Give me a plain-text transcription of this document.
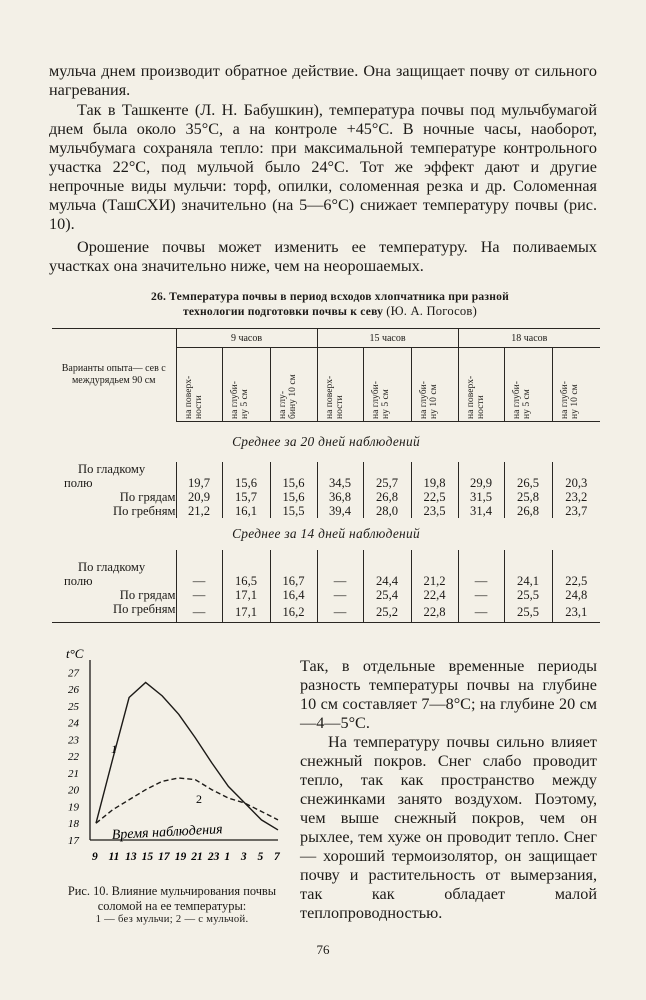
мульча днем производит обратное действие. Она защищает почву от сильного нагревания.

Так в Ташкенте (Л. Н. Бабушкин), температура почвы под мульчбумагой днем была около 35°С, а на контроле +45°С. В ночные часы, наоборот, мульчбумага сохраняла тепло: при максимальной температуре контрольного участка 22°С, под мульчой было 24°С. Тот же эффект дают и другие непрочные виды мульчи: торф, опилки, соломенная резка и др. Соломенная мульча (ТашСХИ) значительно (на 5—6°С) снижает температуру почвы (рис. 10).

Орошение почвы может изменить ее температуру. На поливаемых участках она значительно ниже, чем на неорошаемых.

26. Температура почвы в период всходов хлопчатника при разной
технологии подготовки почвы к севу (Ю. А. Погосов)
Варианты опыта— сев с междурядьем 90 см	9 часов			15 часов			18 часов		

	на поверх-
ности	на глуби-
ну 5 см	на глу-
бину 10 см	на поверх-
ности	на глуби-
ну 5 см	на глуби-
ну 10 см	на поверх-
ности	на глуби-
ну 5 см	на глуби-
ну 10 см

Среднее за 20 дней наблюдений									
По гладкому									
полю	19,7	15,6	15,6	34,5	25,7	19,8	29,9	26,5	20,3
По грядам	20,9	15,7	15,6	36,8	26,8	22,5	31,5	25,8	23,2
По гребням	21,2	16,1	15,5	39,4	28,0	23,5	31,4	26,8	23,7
Среднее за 14 дней наблюдений									

По гладкому									
полю	—	16,5	16,7	—	24,4	21,2	—	24,1	22,5
По грядам	—	17,1	16,4	—	25,4	22,4	—	25,5	24,8
По гребням	—	17,1	16,2	—	25,2	22,8	—	25,5	23,1
27
26
25
24
23
22
21
20
19
18
17
9 11 13 15 17 19 21 23 1 3 5 7
t°C
Время наблюдения
1
2
Рис. 10. Влияние мульчирования почвы соломой на ее температуры:
1 — без мульчи; 2 — с мульчой.

Так, в отдельные временные периоды разность температуры почвы на глубине 10 см составляет 7—8°С; на глубине 20 см —4—5°С.

На температуру почвы сильно влияет снежный покров. Снег слабо проводит тепло, так как пространство между снежинками занято воздухом. Поэтому, чем выше снежный покров, чем он рыхлее, тем хуже он проводит тепло. Снег — хороший термоизолятор, он защищает почву и растительность от вымерзания, так как обладает малой теплопроводностью.

76
